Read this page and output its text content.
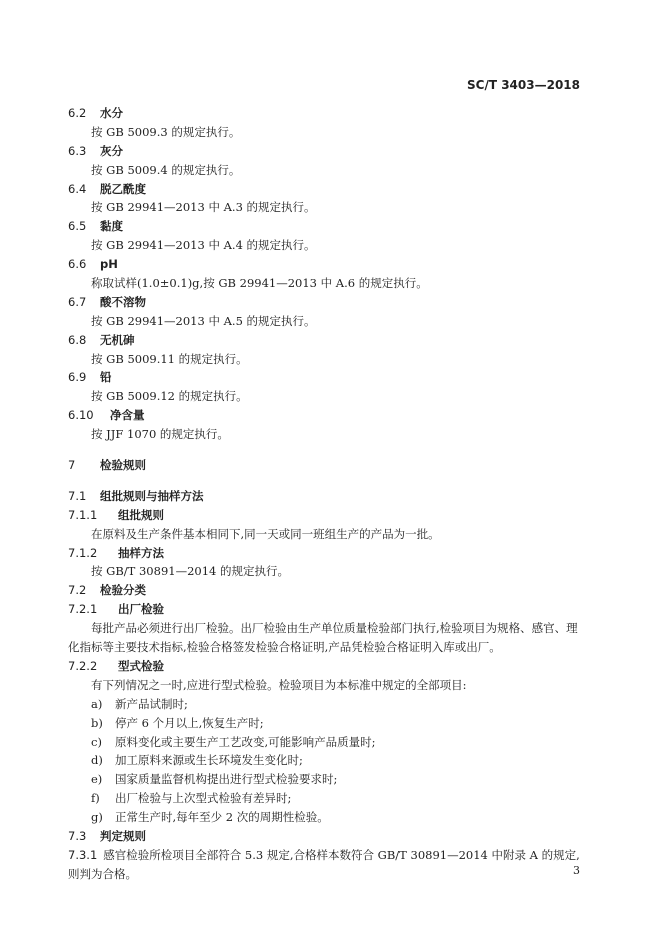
SC/T 3403—2018
6.2 水分
按 GB 5009.3 的规定执行。
6.3 灰分
按 GB 5009.4 的规定执行。
6.4 脱乙酰度
按 GB 29941—2013 中 A.3 的规定执行。
6.5 黏度
按 GB 29941—2013 中 A.4 的规定执行。
6.6 pH
称取试样(1.0±0.1)g,按 GB 29941—2013 中 A.6 的规定执行。
6.7 酸不溶物
按 GB 29941—2013 中 A.5 的规定执行。
6.8 无机砷
按 GB 5009.11 的规定执行。
6.9 铅
按 GB 5009.12 的规定执行。
6.10 净含量
按 JJF 1070 的规定执行。
7 检验规则
7.1 组批规则与抽样方法
7.1.1 组批规则
在原料及生产条件基本相同下,同一天或同一班组生产的产品为一批。
7.1.2 抽样方法
按 GB/T 30891—2014 的规定执行。
7.2 检验分类
7.2.1 出厂检验
每批产品必须进行出厂检验。出厂检验由生产单位质量检验部门执行,检验项目为规格、感官、理化指标等主要技术指标,检验合格签发检验合格证明,产品凭检验合格证明入库或出厂。
7.2.2 型式检验
有下列情况之一时,应进行型式检验。检验项目为本标准中规定的全部项目:
a) 新产品试制时;
b) 停产 6 个月以上,恢复生产时;
c) 原料变化或主要生产工艺改变,可能影响产品质量时;
d) 加工原料来源或生长环境发生变化时;
e) 国家质量监督机构提出进行型式检验要求时;
f) 出厂检验与上次型式检验有差异时;
g) 正常生产时,每年至少 2 次的周期性检验。
7.3 判定规则
7.3.1 感官检验所检项目全部符合 5.3 规定,合格样本数符合 GB/T 30891—2014 中附录 A 的规定,则判为合格。	3
